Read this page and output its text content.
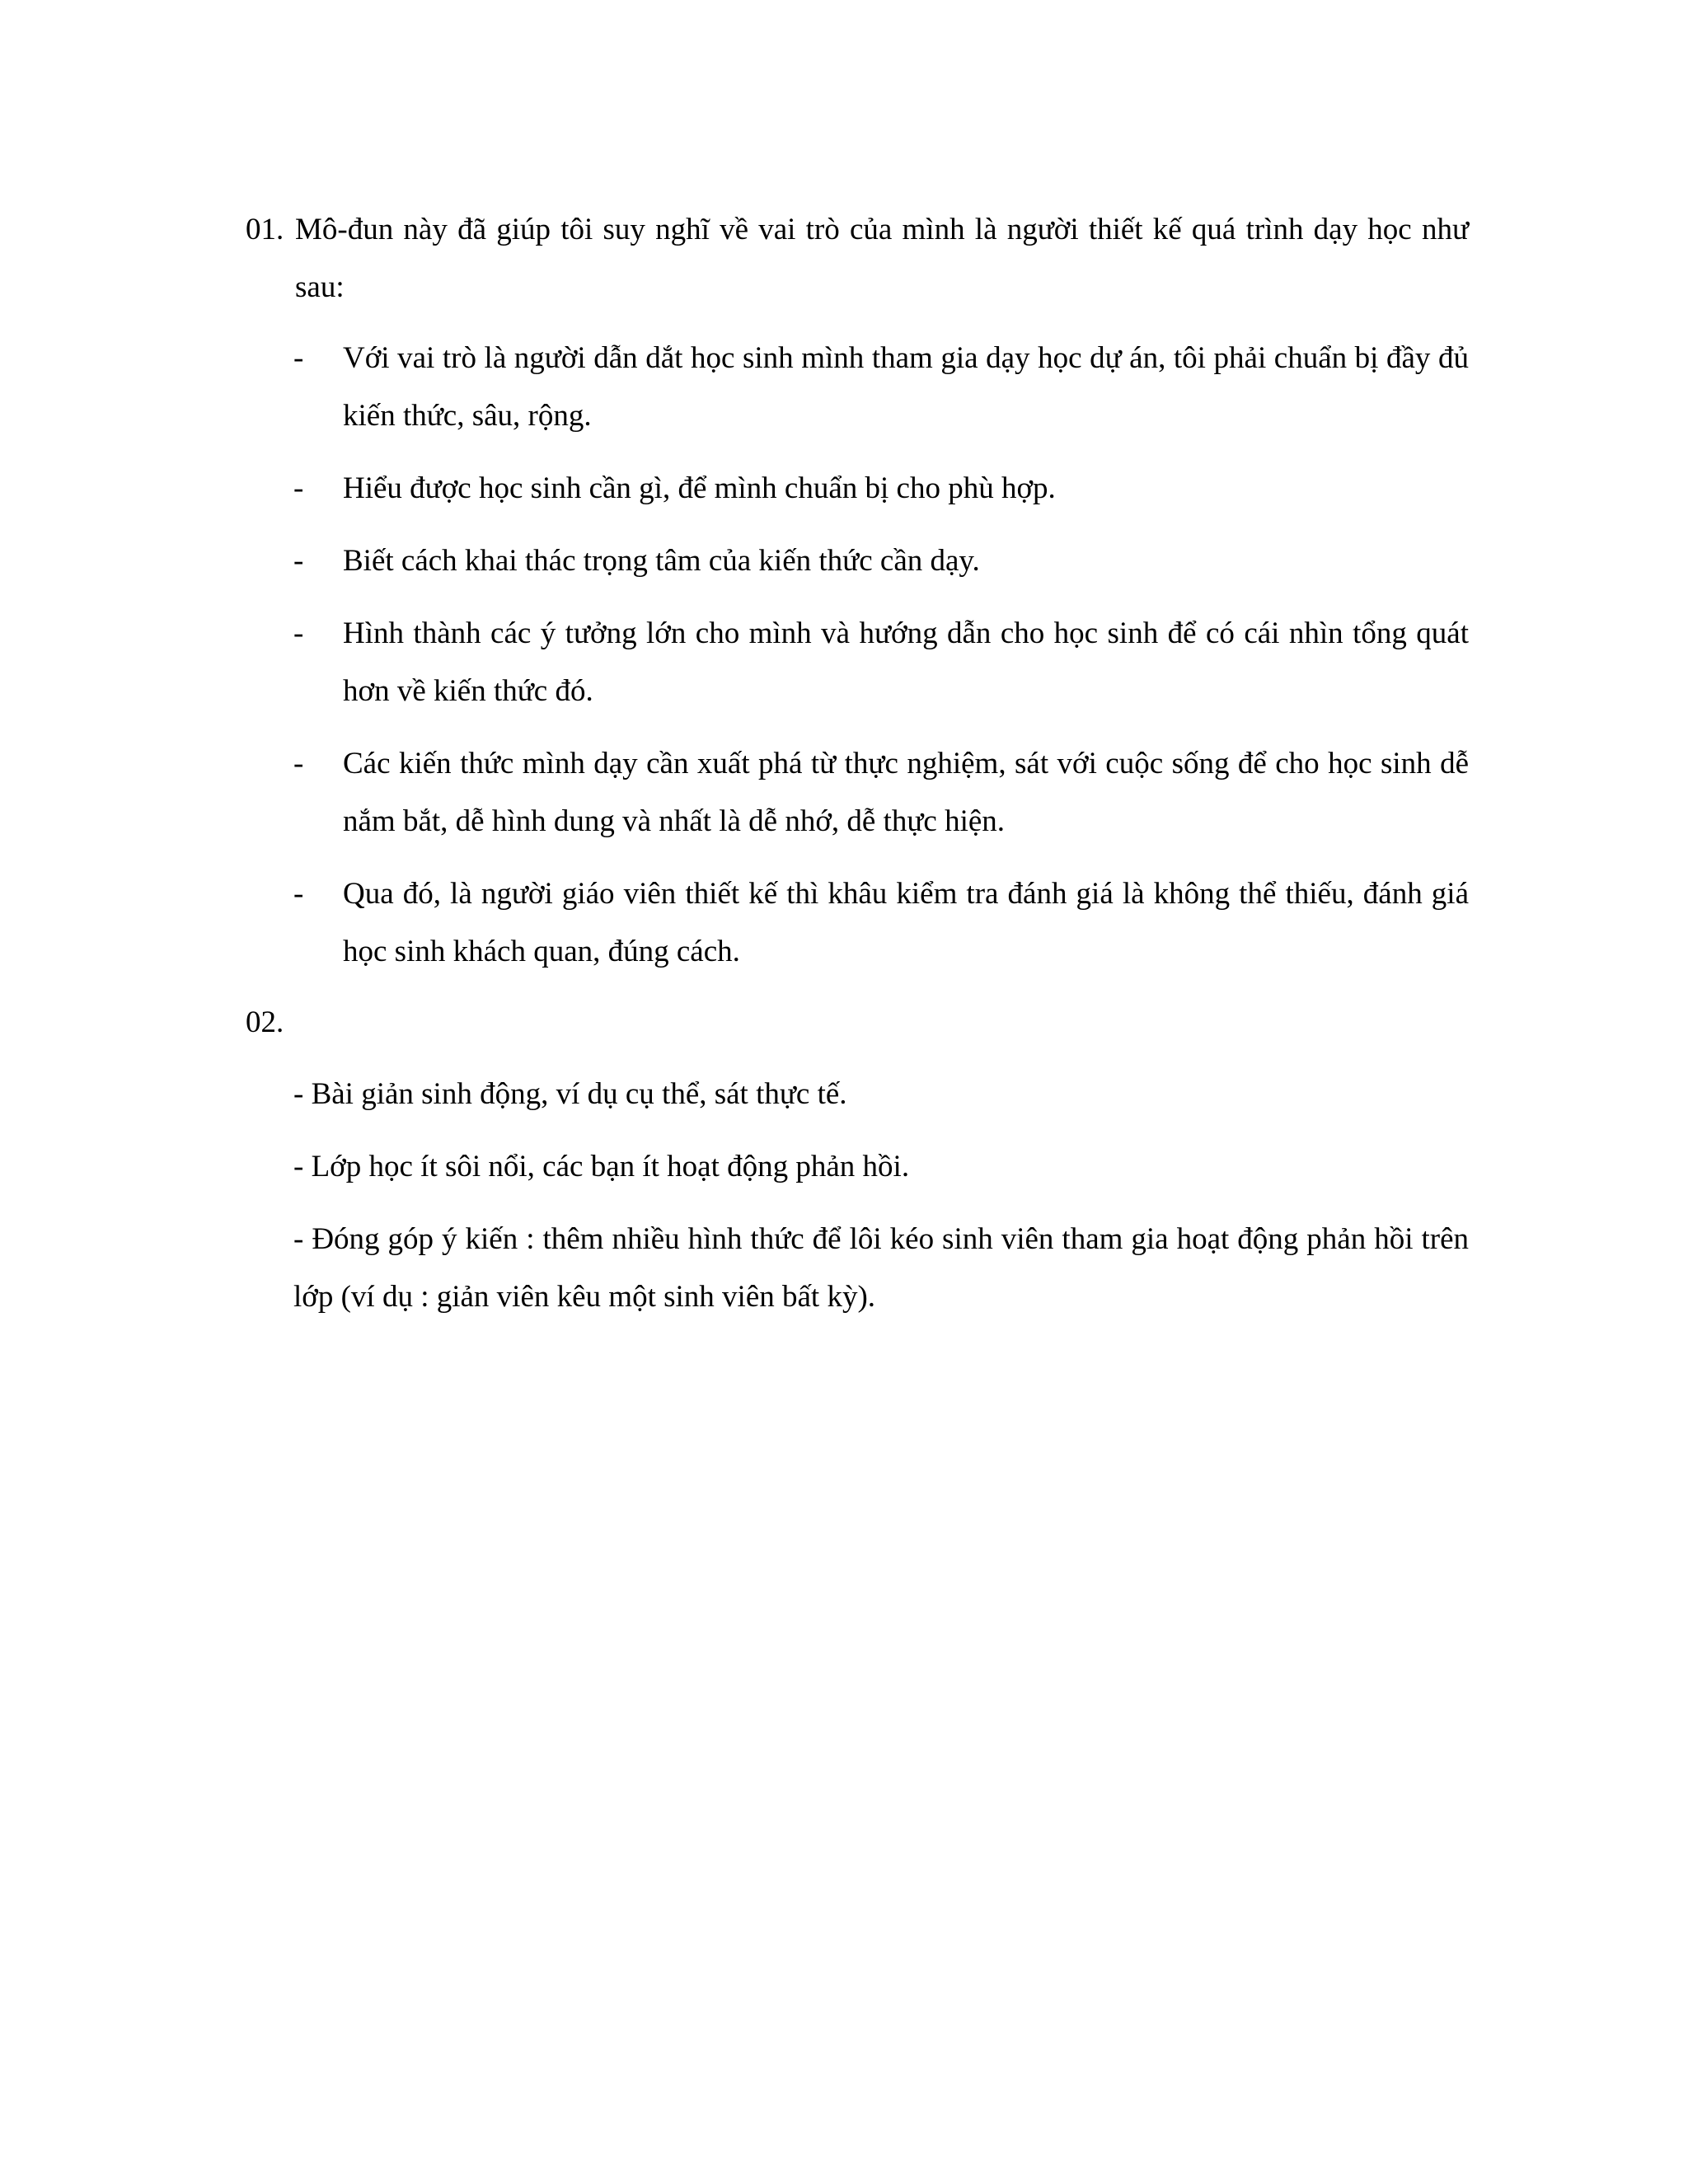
01. Mô-đun này đã giúp tôi suy nghĩ về vai trò của mình là người thiết kế quá trình dạy học như sau:
-	Với vai trò là người dẫn dắt học sinh mình tham gia dạy học dự án, tôi phải chuẩn bị đầy đủ kiến thức, sâu, rộng.
-	Hiểu được học sinh cần gì, để mình chuẩn bị cho phù hợp.
-	Biết cách khai thác trọng tâm của kiến thức cần dạy.
-	Hình thành các ý tưởng lớn cho mình và hướng dẫn cho học sinh để có cái nhìn tổng quát hơn về kiến thức đó.
-	Các kiến thức mình dạy cần xuất phá từ thực nghiệm, sát với cuộc sống để cho học sinh dễ nắm bắt, dễ hình dung và nhất là dễ nhớ, dễ thực hiện.
-	Qua đó, là người giáo viên thiết kế thì khâu kiểm tra đánh giá là không thể thiếu, đánh giá học sinh khách quan, đúng cách.
02.
- Bài giản sinh động, ví dụ cụ thể, sát thực tế.
- Lớp học ít sôi nổi, các bạn ít hoạt động phản hồi.
- Đóng góp ý kiến : thêm nhiều hình thức để lôi kéo sinh viên tham gia hoạt động phản hồi trên lớp (ví dụ : giản viên kêu một sinh viên bất kỳ).
